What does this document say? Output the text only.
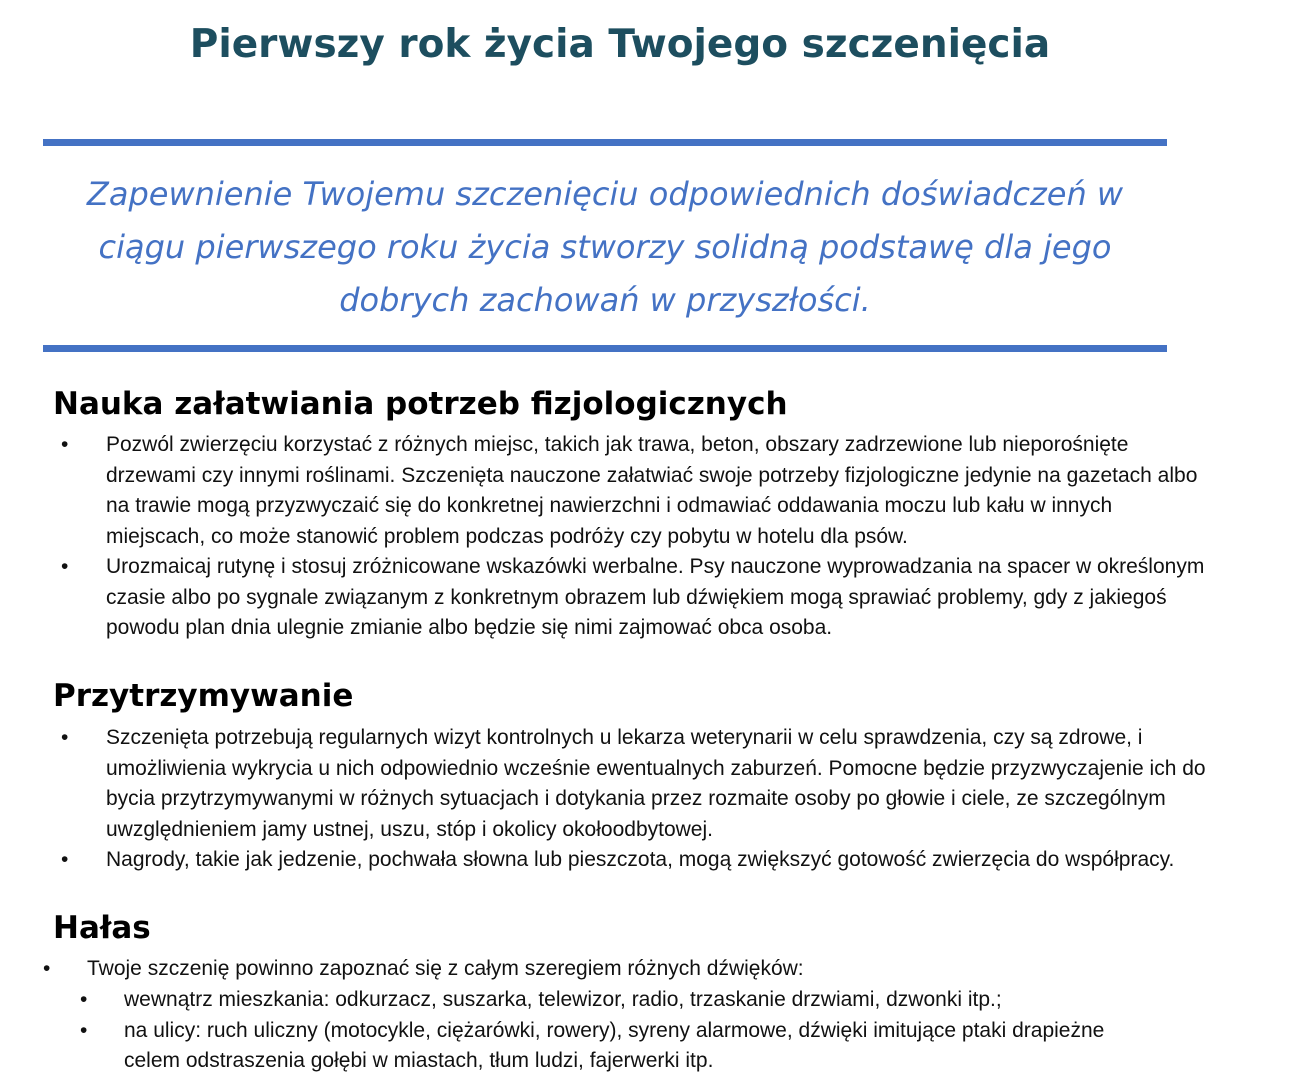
Pierwszy rok życia Twojego szczenięcia

Zapewnienie Twojemu szczenięciu odpowiednich doświadczeń w ciągu pierwszego roku życia stworzy solidną podstawę dla jego dobrych zachowań w przyszłości.

Nauka załatwiania potrzeb fizjologicznych
• Pozwól zwierzęciu korzystać z różnych miejsc, takich jak trawa, beton, obszary zadrzewione lub nieporośnięte drzewami czy innymi roślinami. Szczenięta nauczone załatwiać swoje potrzeby fizjologiczne jedynie na gazetach albo na trawie mogą przyzwyczaić się do konkretnej nawierzchni i odmawiać oddawania moczu lub kału w innych miejscach, co może stanowić problem podczas podróży czy pobytu w hotelu dla psów.
• Urozmaicaj rutynę i stosuj zróżnicowane wskazówki werbalne. Psy nauczone wyprowadzania na spacer w określonym czasie albo po sygnale związanym z konkretnym obrazem lub dźwiękiem mogą sprawiać problemy, gdy z jakiegoś powodu plan dnia ulegnie zmianie albo będzie się nimi zajmować obca osoba.
Przytrzymywanie
• Szczenięta potrzebują regularnych wizyt kontrolnych u lekarza weterynarii w celu sprawdzenia, czy są zdrowe, i umożliwienia wykrycia u nich odpowiednio wcześnie ewentualnych zaburzeń. Pomocne będzie przyzwyczajenie ich do bycia przytrzymywanymi w różnych sytuacjach i dotykania przez rozmaite osoby po głowie i ciele, ze szczególnym uwzględnieniem jamy ustnej, uszu, stóp i okolicy okołoodbytowej.
• Nagrody, takie jak jedzenie, pochwała słowna lub pieszczota, mogą zwiększyć gotowość zwierzęcia do współpracy.
Hałas
• Twoje szczenię powinno zapoznać się z całym szeregiem różnych dźwięków:
• wewnątrz mieszkania: odkurzacz, suszarka, telewizor, radio, trzaskanie drzwiami, dzwonki itp.;
• na ulicy: ruch uliczny (motocykle, ciężarówki, rowery), syreny alarmowe, dźwięki imitujące ptaki drapieżne celem odstraszenia gołębi w miastach, tłum ludzi, fajerwerki itp.
